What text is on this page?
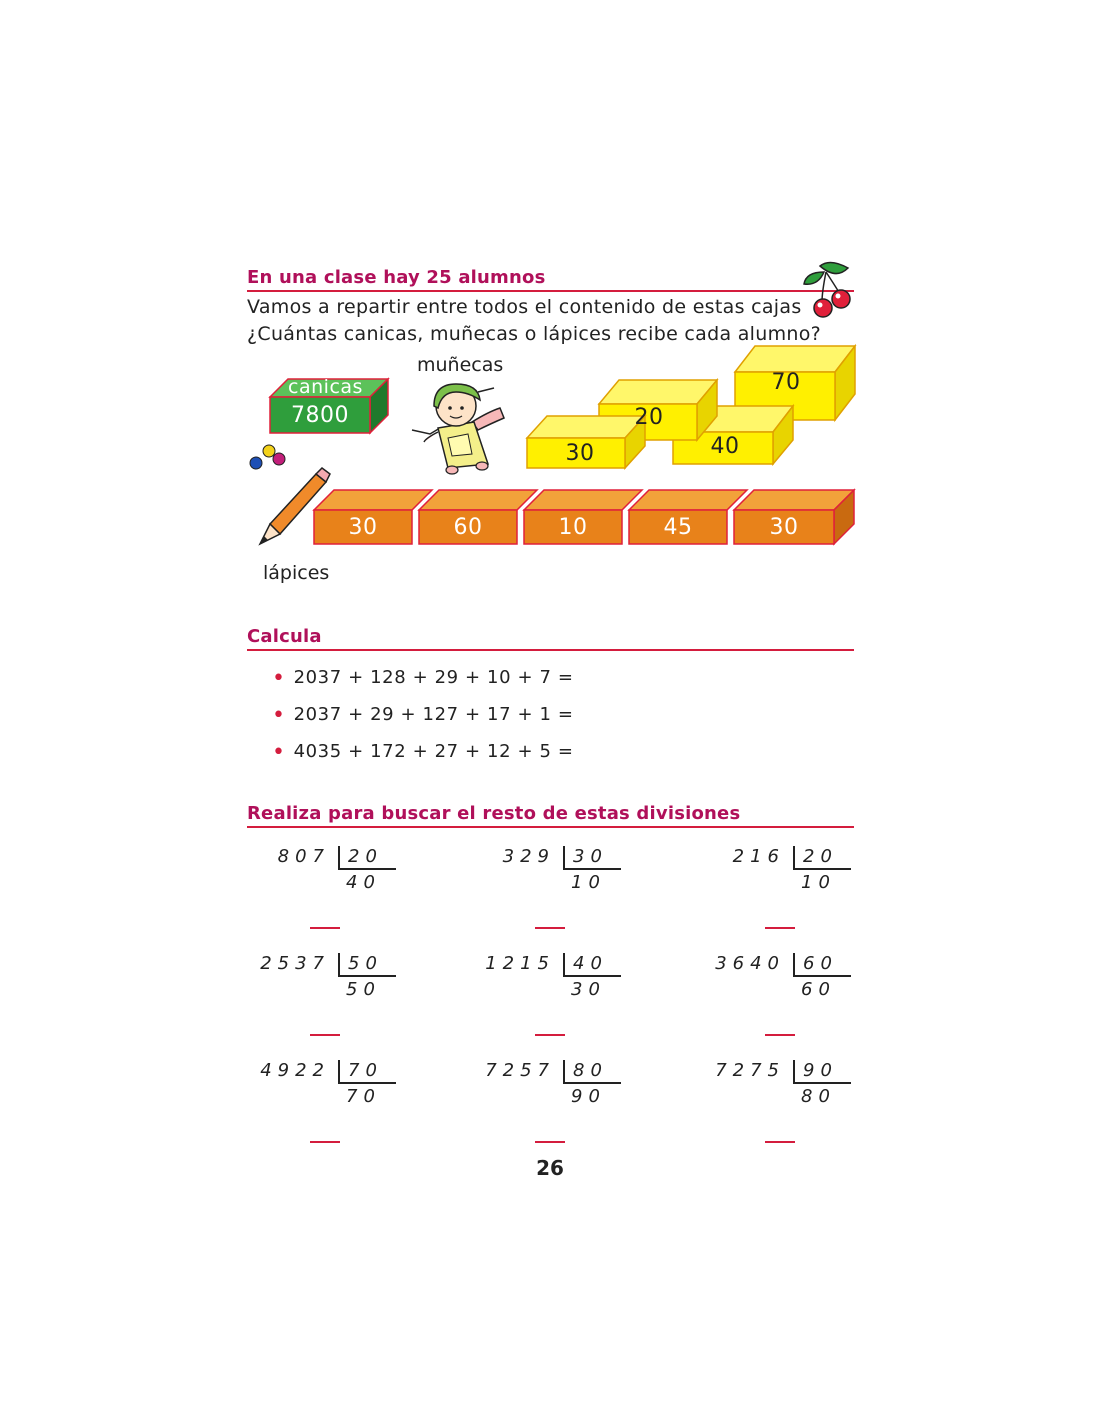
En una clase hay 25 alumnos
Vamos a repartir entre todos el contenido de estas cajas
¿Cuántas canicas, muñecas o lápices recibe cada alumno?
canicas
7800
muñecas
30
20
40
70
30	60	10	45	30
lápices
Calcula
• 2037 + 128 + 29 + 10 + 7 =
• 2037 + 29 + 127 + 17 + 1 =
• 4035 + 172 + 27 + 12 + 5 =
Realiza para buscar el resto de estas divisiones
807	20
40
329	30
10
216	20
10
2537	50
50
1215	40
30
3640	60
60
4922	70
70
7257	80
90
7275	90
80
26
